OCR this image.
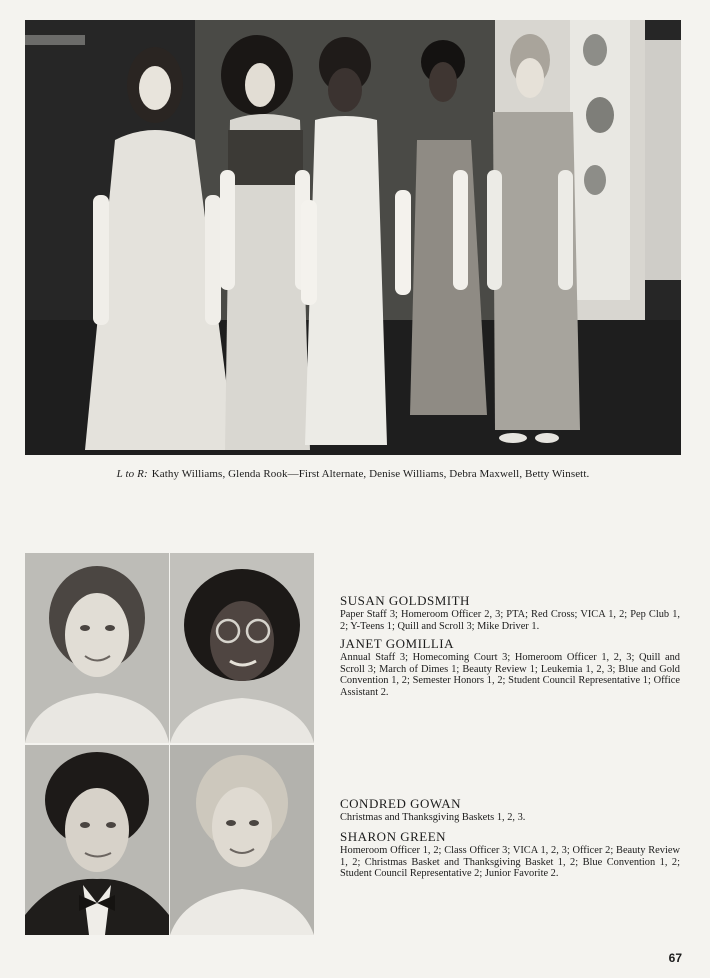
L to R: Kathy Williams, Glenda Rook—First Alternate, Denise Williams, Debra Maxwell, Betty Winsett.

SUSAN GOLDSMITH

Paper Staff 3; Homeroom Officer 2, 3; PTA; Red Cross; VICA 1, 2; Pep Club 1, 2; Y-Teens 1; Quill and Scroll 3; Mike Driver 1.

JANET GOMILLIA

Annual Staff 3; Homecoming Court 3; Homeroom Officer 1, 2, 3; Quill and Scroll 3; March of Dimes 1; Beauty Review 1; Leukemia 1, 2, 3; Blue and Gold Convention 1, 2; Semester Honors 1, 2; Student Council Representative 1; Office Assistant 2.

CONDRED GOWAN

Christmas and Thanksgiving Baskets 1, 2, 3.

SHARON GREEN

Homeroom Officer 1, 2; Class Officer 3; VICA 1, 2, 3; Officer 2; Beauty Review 1, 2; Christmas Basket and Thanksgiving Basket 1, 2; Blue Convention 1, 2; Student Council Representative 2; Junior Favorite 2.

67
